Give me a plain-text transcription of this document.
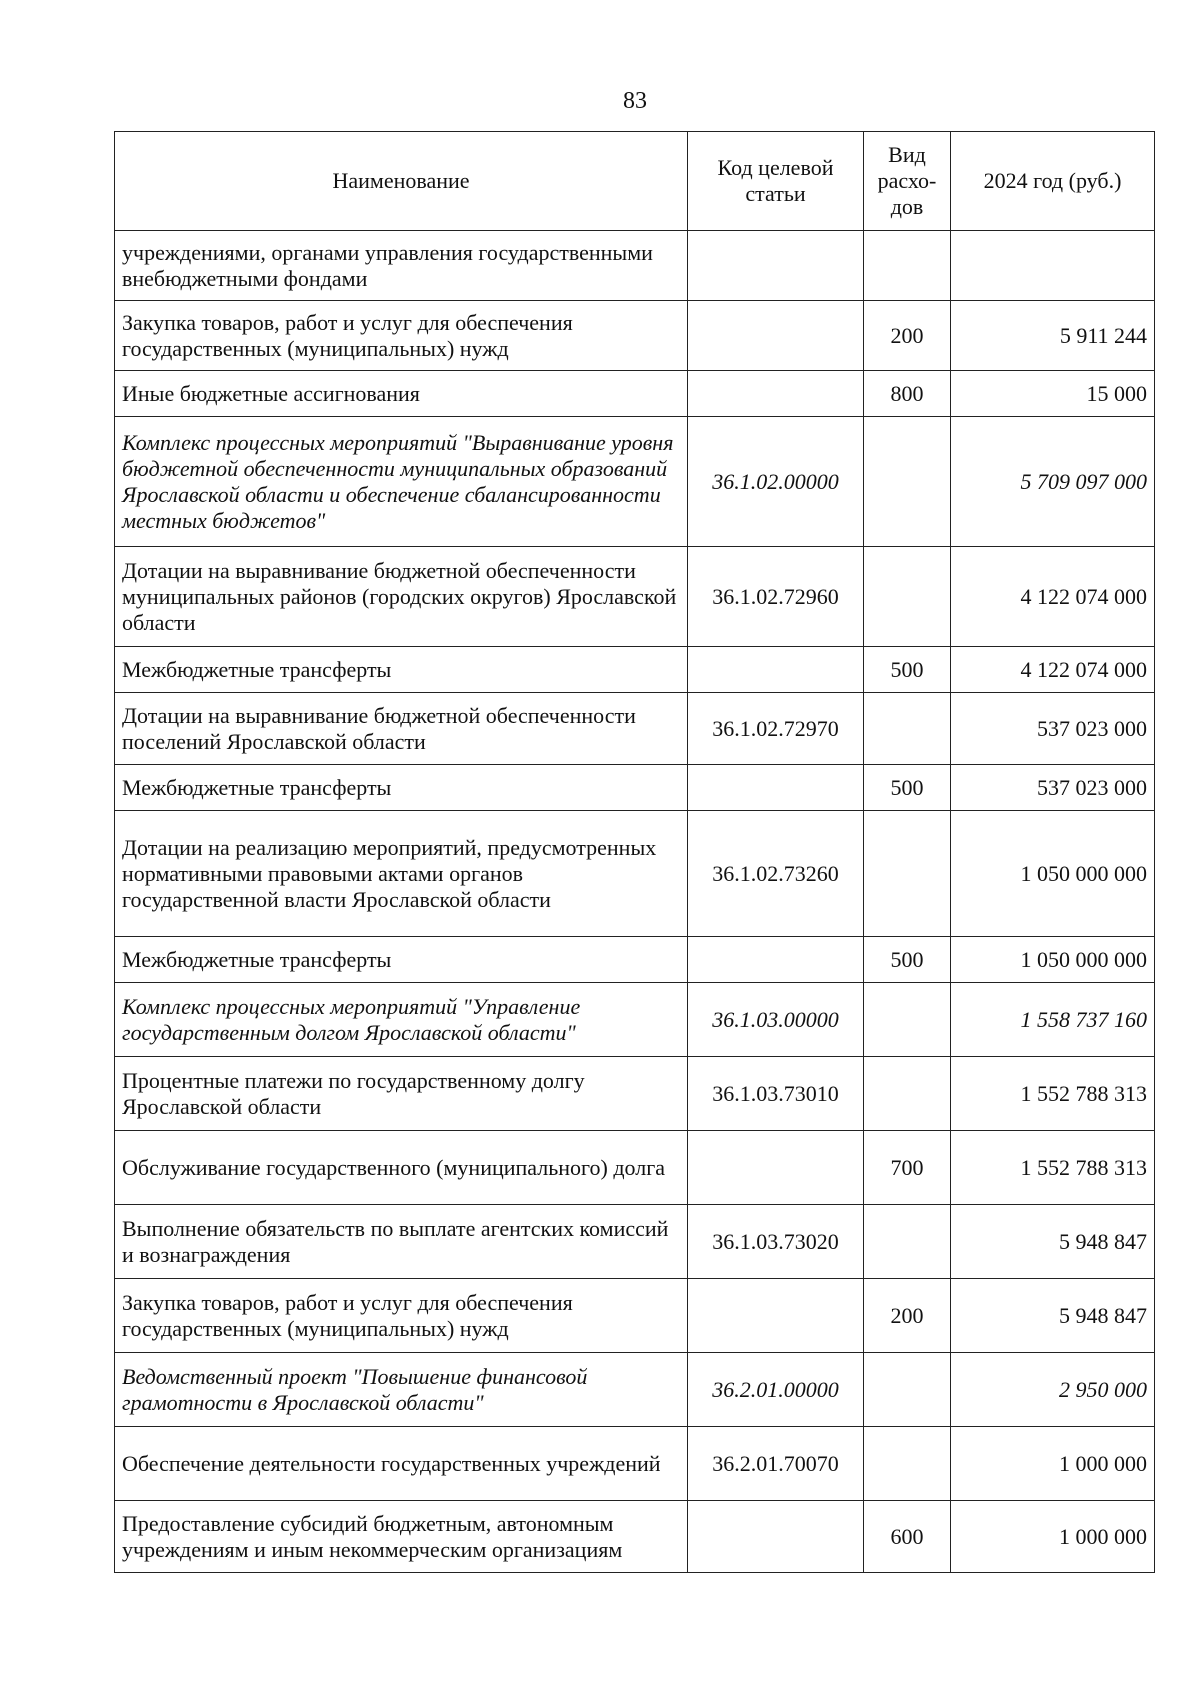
83
Наименование	Код целевой статьи	Вид расхо-дов	2024 год (руб.)
учреждениями, органами управления государственными внебюджетными фондами			
Закупка товаров, работ и услуг для обеспечения государственных (муниципальных) нужд		200	5 911 244
Иные бюджетные ассигнования		800	15 000
Комплекс процессных мероприятий "Выравнивание уровня бюджетной обеспеченности муниципальных образований Ярославской области и обеспечение сбалансированности местных бюджетов"	36.1.02.00000		5 709 097 000
Дотации на выравнивание бюджетной обеспеченности муниципальных районов (городских округов) Ярославской области	36.1.02.72960		4 122 074 000
Межбюджетные трансферты		500	4 122 074 000
Дотации на выравнивание бюджетной обеспеченности поселений Ярославской области	36.1.02.72970		537 023 000
Межбюджетные трансферты		500	537 023 000
Дотации на реализацию мероприятий, предусмотренных нормативными правовыми актами органов государственной власти Ярославской области	36.1.02.73260		1 050 000 000
Межбюджетные трансферты		500	1 050 000 000
Комплекс процессных мероприятий "Управление государственным долгом Ярославской области"	36.1.03.00000		1 558 737 160
Процентные платежи по государственному долгу Ярославской области	36.1.03.73010		1 552 788 313
Обслуживание государственного (муниципального) долга		700	1 552 788 313
Выполнение обязательств по выплате агентских комиссий и вознаграждения	36.1.03.73020		5 948 847
Закупка товаров, работ и услуг для обеспечения государственных (муниципальных) нужд		200	5 948 847
Ведомственный проект "Повышение финансовой грамотности в Ярославской области"	36.2.01.00000		2 950 000
Обеспечение деятельности государственных учреждений	36.2.01.70070		1 000 000
Предоставление субсидий бюджетным, автономным учреждениям и иным некоммерческим организациям		600	1 000 000
